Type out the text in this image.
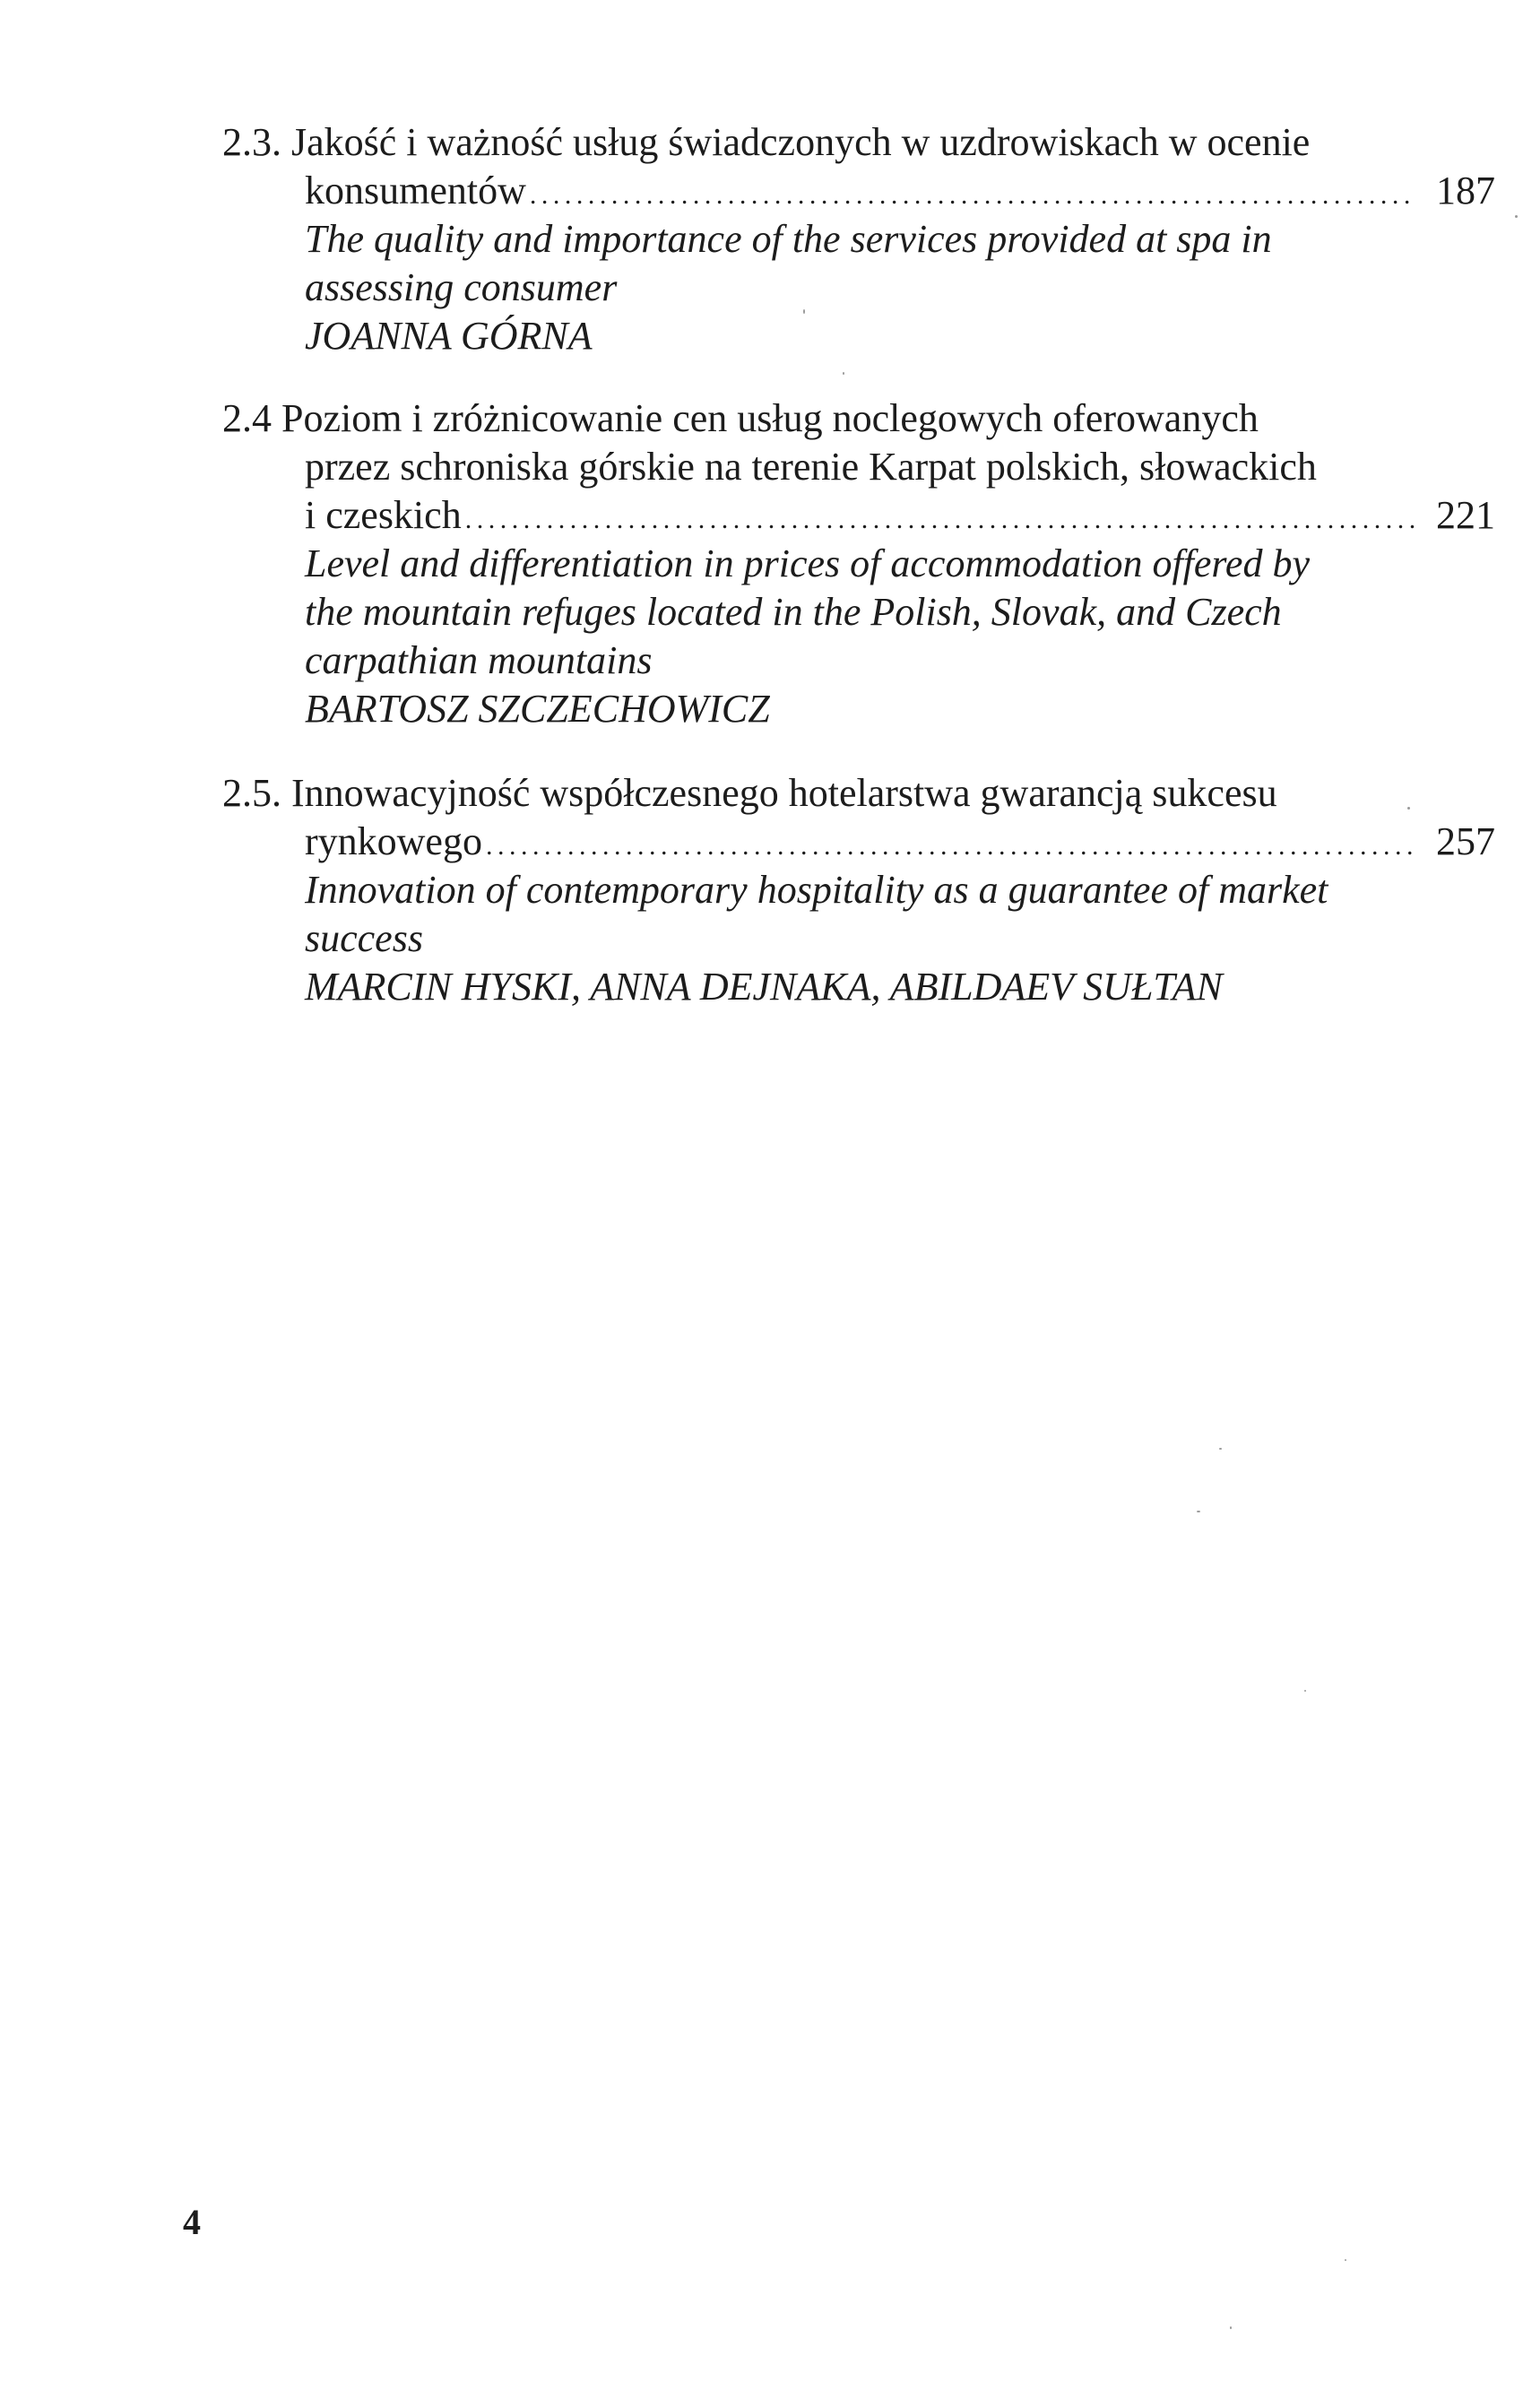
2.3. Jakość i ważność usług świadczonych w uzdrowiskach w ocenie
konsumentów . . .	187
The quality and importance of the services provided at spa in
assessing consumer
JOANNA GÓRNA
2.4 Poziom i zróżnicowanie cen usług noclegowych oferowanych
przez schroniska górskie na terenie Karpat polskich, słowackich
i czeskich . . .	221
Level and differentiation in prices of accommodation offered by
the mountain refuges located in the Polish, Slovak, and Czech
carpathian mountains
BARTOSZ SZCZECHOWICZ
2.5. Innowacyjność współczesnego hotelarstwa gwarancją sukcesu
rynkowego . . .	257
Innovation of contemporary hospitality as a guarantee of market
success
MARCIN HYSKI, ANNA DEJNAKA, ABILDAEV SUŁTAN
4
